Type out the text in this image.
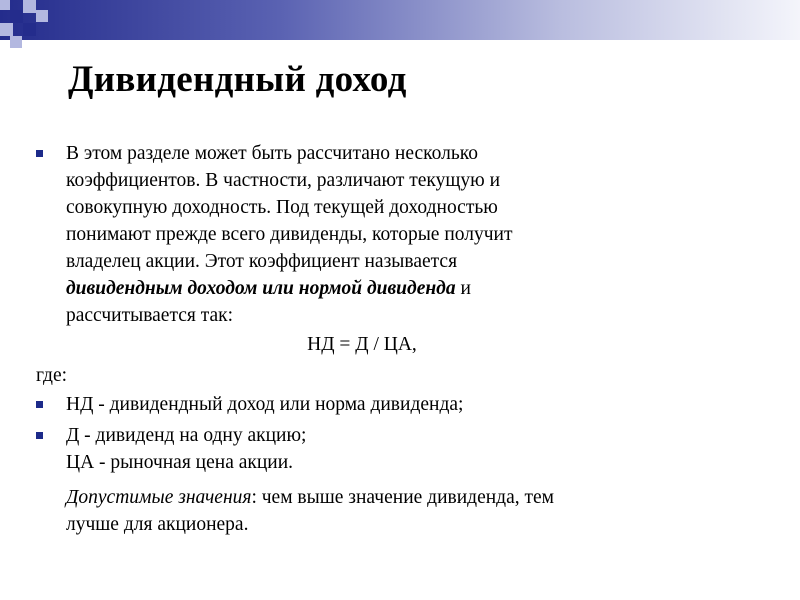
Дивидендный доход
В этом разделе может быть рассчитано несколько
коэффициентов. В частности, различают текущую и
совокупную доходность. Под текущей доходностью
понимают прежде всего дивиденды, которые получит
владелец акции. Этот коэффициент называется
дивидендным доходом или нормой дивиденда и
рассчитывается так:
НД = Д / ЦА,
где:
НД - дивидендный доход или норма дивиденда;
Д - дивиденд на одну акцию;
ЦА - рыночная цена акции.
Допустимые значения: чем выше значение дивиденда, тем
лучше для акционера.
